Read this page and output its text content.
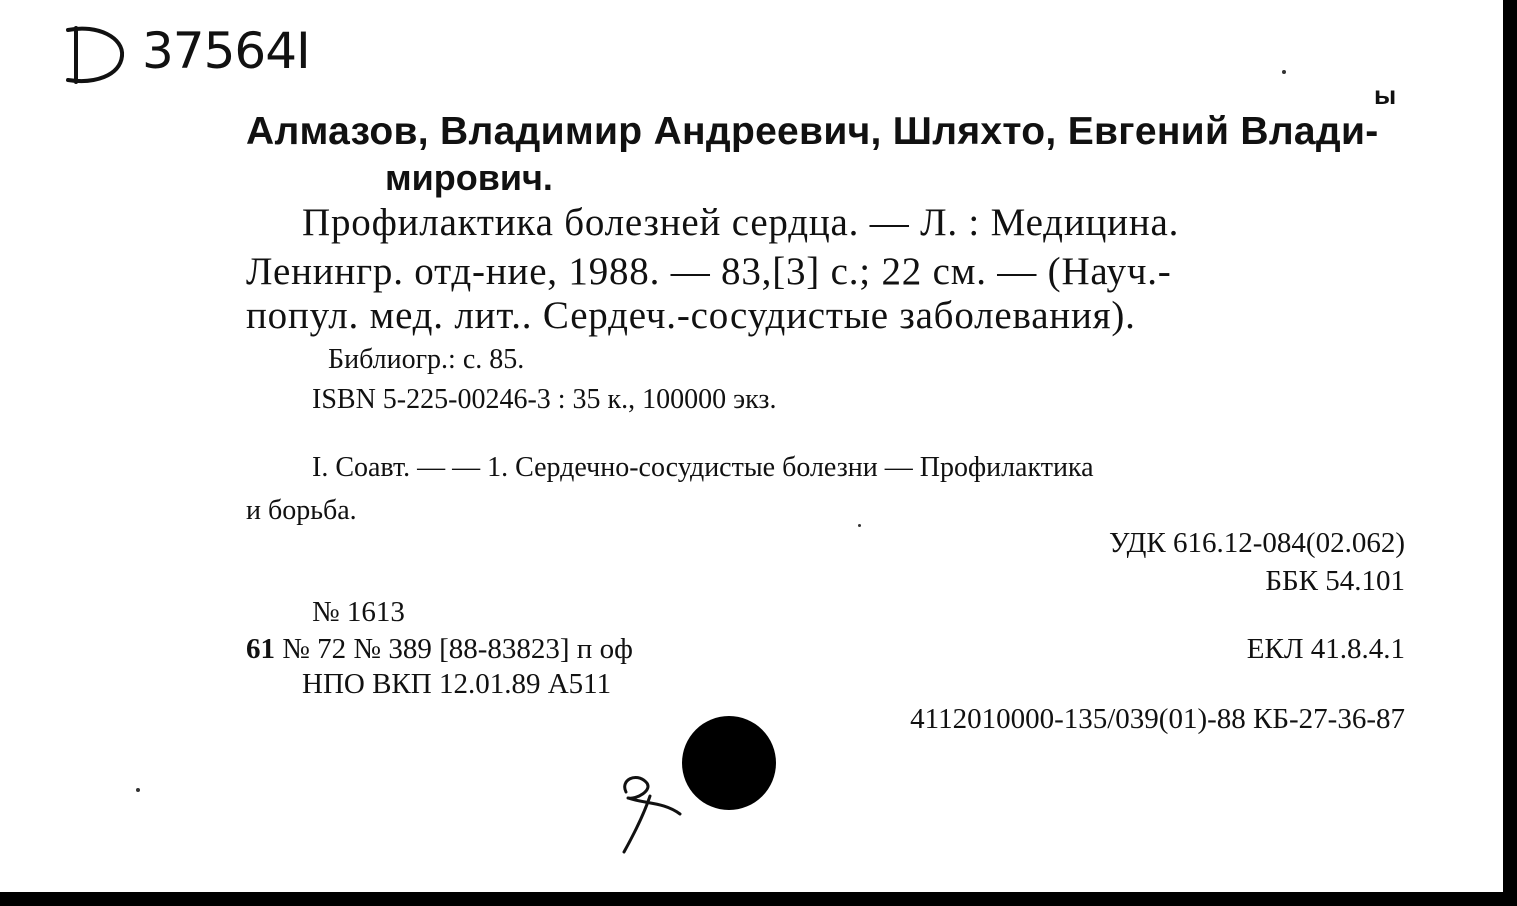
37564I
ы
Алмазов, Владимир Андреевич, Шляхто, Евгений Влади-
мирович.
Профилактика болезней сердца. — Л. : Медицина.
Ленингр. отд-ние, 1988. — 83,[3] с.; 22 см. — (Науч.-
попул. мед. лит.. Сердеч.-сосудистые заболевания).
Библиогр.: с. 85.
ISBN 5-225-00246-3 : 35 к., 100000 экз.
I. Соавт. — — 1. Сердечно-сосудистые болезни — Профилактика
и борьба.
УДК 616.12-084(02.062)
ББК 54.101
№ 1613
61 № 72 № 389 [88-83823] п оф	ЕКЛ 41.8.4.1
НПО ВКП 12.01.89 А511
4112010000-135/039(01)-88 КБ-27-36-87
